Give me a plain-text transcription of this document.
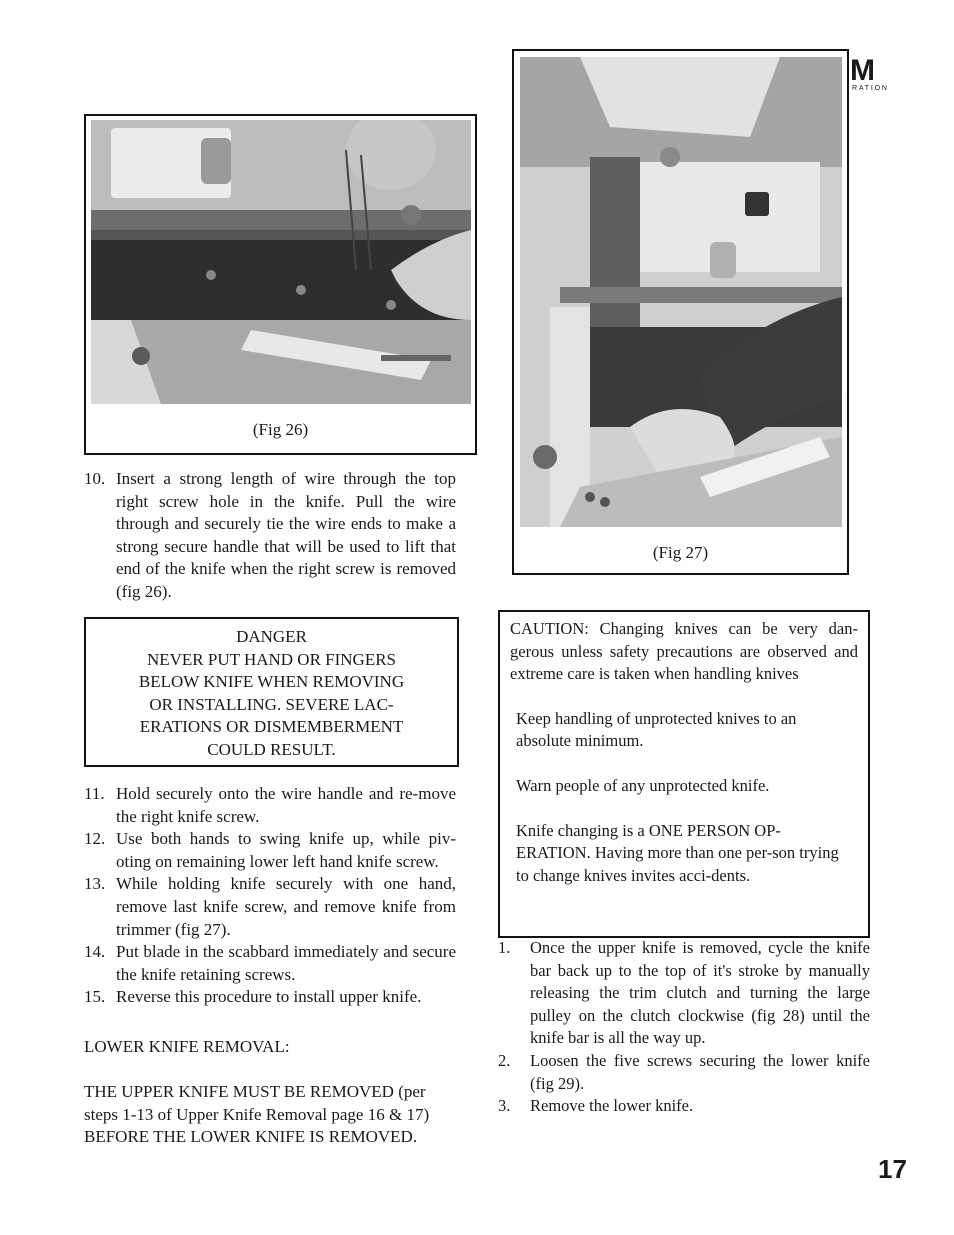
M
RATION
(Fig 26)
(Fig 27)
10. Insert a strong length of wire through the top right screw hole in the knife. Pull the wire through and securely tie the wire ends to make a strong secure handle that will be used to lift that end of the knife when the right screw is removed (fig 26).
DANGER
NEVER PUT HAND OR FINGERS
BELOW KNIFE WHEN REMOVING
OR INSTALLING. SEVERE LAC-
ERATIONS OR DISMEMBERMENT
COULD RESULT.
11. Hold securely onto the wire handle and re-move the right knife screw.
12. Use both hands to swing knife up, while piv-oting on remaining lower left hand knife screw.
13. While holding knife securely with one hand, remove last knife screw, and remove knife from trimmer (fig 27).
14. Put blade in the scabbard immediately and secure the knife retaining screws.
15. Reverse this procedure to install upper knife.
LOWER KNIFE REMOVAL:
THE UPPER KNIFE MUST BE REMOVED (per steps 1-13 of Upper Knife Removal page 16 & 17) BEFORE THE LOWER KNIFE IS REMOVED.

CAUTION: Changing knives can be very dan-gerous unless safety precautions are observed and extreme care is taken when handling knives

Keep handling of unprotected knives to an absolute minimum.

Warn people of any unprotected knife.

Knife changing is a ONE PERSON OP-ERATION. Having more than one per-son trying to change knives invites acci-dents.

1. Once the upper knife is removed, cycle the knife bar back up to the top of it's stroke by manually releasing the trim clutch and turning the large pulley on the clutch clockwise (fig 28) until the knife bar is all the way up.
2. Loosen the five screws securing the lower knife (fig 29).
3. Remove the lower knife.
17
